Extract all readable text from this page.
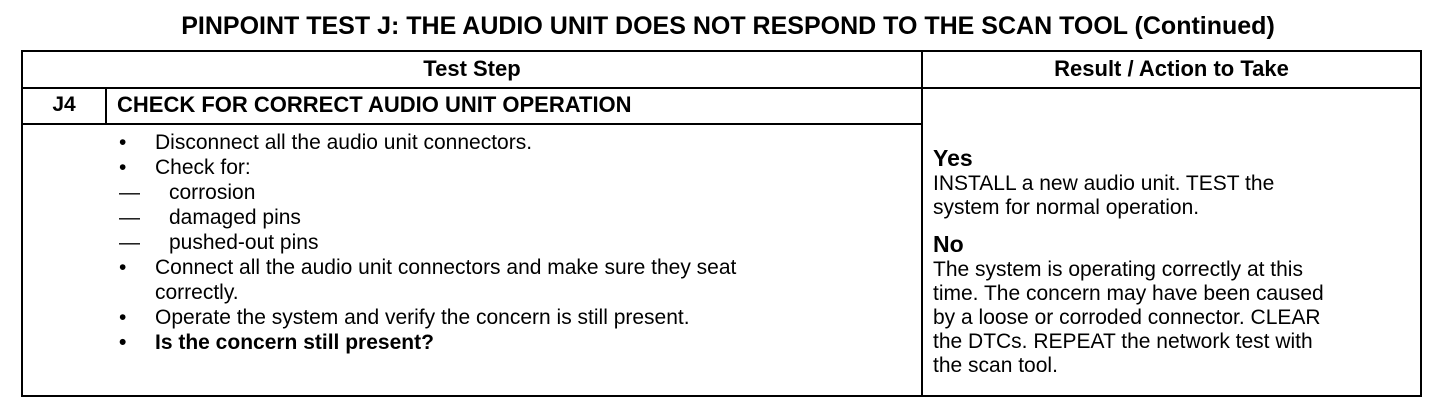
PINPOINT TEST J: THE AUDIO UNIT DOES NOT RESPOND TO THE SCAN TOOL (Continued)
Test Step	Result / Action to Take
J4	CHECK FOR CORRECT AUDIO UNIT OPERATION
•	Disconnect all the audio unit connectors.
•	Check for:
—	corrosion
—	damaged pins
—	pushed-out pins
•	Connect all the audio unit connectors and make sure they seat
correctly.
•	Operate the system and verify the concern is still present.
•	Is the concern still present?
Yes
INSTALL a new audio unit. TEST the
system for normal operation.
No
The system is operating correctly at this
time. The concern may have been caused
by a loose or corroded connector. CLEAR
the DTCs. REPEAT the network test with
the scan tool.
